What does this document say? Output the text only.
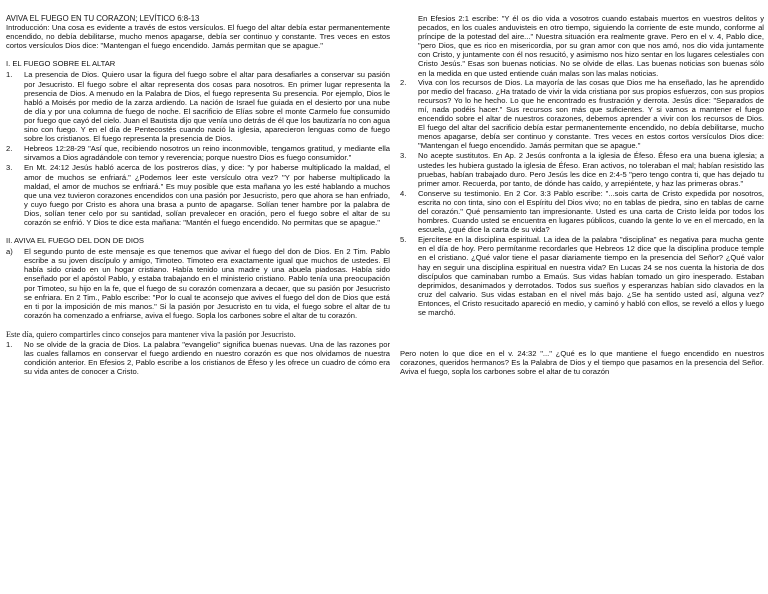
AVIVA EL FUEGO EN TU CORAZON; LEVÍTICO 6:8-13

Introducción: Una cosa es evidente a través de estos versículos. El fuego del altar debía estar permanentemente encendido, no debía debilitarse, mucho menos apagarse, debía ser continuo y constante. Tres veces en estos cortos versículos Dios dice: "Mantengan el fuego encendido. Jamás permitan que se apague."

I. EL FUEGO SOBRE EL ALTAR

1.	La presencia de Dios. Quiero usar la figura del fuego sobre el altar para desafiarles a conservar su pasión por Jesucristo. El fuego sobre el altar representa dos cosas para nosotros. En primer lugar representa la presencia de Dios. A menudo en la Palabra de Dios, el fuego representa Su presencia. Por ejemplo, Dios le habló a Moisés por medio de la zarza ardiendo. La nación de Israel fue guiada en el desierto por una nube de día y por una columna de fuego de noche. El sacrificio de Elías sobre el monte Carmelo fue consumido por fuego que cayó del cielo. Juan el Bautista dijo que venía uno detrás de él que los bautizaría no con agua sino con fuego. Y en el día de Pentecostés cuando nació la iglesia, aparecieron lenguas como de fuego sobre los cristianos. El fuego representa la presencia de Dios.
2.	Hebreos 12:28-29 "Así que, recibiendo nosotros un reino inconmovible, tengamos gratitud, y mediante ella sirvamos a Dios agradándole con temor y reverencia; porque nuestro Dios es fuego consumidor."
3.	En Mt. 24:12 Jesús habló acerca de los postreros días, y dice: "y por haberse multiplicado la maldad, el amor de muchos se enfriará." ¿Podemos leer este versículo otra vez? "Y por haberse multiplicado la maldad, el amor de muchos se enfriará." Es muy posible que esta mañana yo les esté hablando a muchos que una vez tuvieron corazones encendidos con una pasión por Jesucristo, pero que ahora se han enfriado, y cuyo fuego por Cristo es ahora una brasa a punto de apagarse. Solían tener hambre por la palabra de Dios, solían tener celo por su santidad, solían prevalecer en oración, pero el fuego sobre el altar de su corazón se enfrió. Y Dios te dice esta mañana: "Mantén el fuego encendido. No permitas que se apague."

II. AVIVA EL FUEGO DEL DON DE DIOS

a)	El segundo punto de este mensaje es que tenemos que avivar el fuego del don de Dios. En 2 Tim. Pablo escribe a su joven discípulo y amigo, Timoteo. Timoteo era exactamente igual que muchos de ustedes. El había sido criado en un hogar cristiano. Había tenido una madre y una abuela piadosas. Había sido enseñado por el apóstol Pablo, y estaba trabajando en el ministerio cristiano. Pablo tenía una preocupación por Timoteo, su hijo en la fe, que el fuego de su corazón comenzara a decaer, que su pasión por Jesucristo se enfriara. En 2 Tim., Pablo escribe: "Por lo cual te aconsejo que avives el fuego del don de Dios que está en ti por la imposición de mis manos." Si la pasión por Jesucristo en tu vida, el fuego sobre el altar de tu corazón ha comenzado a enfriarse, aviva el fuego. Sopla los carbones sobre el altar de tu corazón.

Este día, quiero compartirles cinco consejos para mantener viva la pasión por Jesucristo.

1.	No se olvide de la gracia de Dios. La palabra "evangelio" significa buenas nuevas. Una de las razones por las cuales fallamos en conservar el fuego ardiendo en nuestro corazón es que nos olvidamos de nuestra condición anterior. En Efesios 2, Pablo escribe a los cristianos de Éfeso y les ofrece un cuadro de cómo era su vida antes de conocer a Cristo.

En Efesios 2:1 escribe: "Y él os dio vida a vosotros cuando estabais muertos en vuestros delitos y pecados, en los cuales anduvisteis en otro tiempo, siguiendo la corriente de este mundo, conforme al príncipe de la potestad del aire..." Nuestra situación era realmente grave. Pero en el v. 4, Pablo dice, "pero Dios, que es rico en misericordia, por su gran amor con que nos amó, nos dio vida juntamente con Cristo, y juntamente con él nos resucitó, y asimismo nos hizo sentar en los lugares celestiales con Cristo Jesús." Esas son buenas noticias. No se olvide de ellas. Las buenas noticias son buenas sólo en la medida en que usted entiende cuán malas son las malas noticias.

2.	Viva con los recursos de Dios. La mayoría de las cosas que Dios me ha enseñado, las he aprendido por medio del fracaso. ¿Ha tratado de vivir la vida cristiana por sus propios esfuerzos, con sus propios recursos? Yo lo he hecho. Lo que he encontrado es frustración y derrota. Jesús dice: "Separados de mí, nada podéis hacer." Sus recursos son más que suficientes. Y si vamos a mantener el fuego encendido sobre el altar de nuestros corazones, debemos aprender a vivir con los recursos de Dios. El fuego del altar del sacrificio debía estar permanentemente encendido, no debía debilitarse, mucho menos apagarse, debía ser continuo y constante. Tres veces en estos cortos versículos Dios dice: "Mantengan el fuego encendido. Jamás permitan que se apague."
3.	No acepte sustitutos. En Ap. 2 Jesús confronta a la iglesia de Éfeso. Éfeso era una buena iglesia; a ustedes les hubiera gustado la iglesia de Éfeso. Eran activos, no toleraban el mal; habían resistido las pruebas, habían trabajado duro. Pero Jesús les dice en 2:4-5 "pero tengo contra ti, que has dejado tu primer amor. Recuerda, por tanto, de dónde has caído, y arrepiéntete, y haz las primeras obras."
4.	Conserve su testimonio. En 2 Cor. 3:3 Pablo escribe: "...sois carta de Cristo expedida por nosotros, escrita no con tinta, sino con el Espíritu del Dios vivo; no en tablas de piedra, sino en tablas de carne del corazón." Qué pensamiento tan impresionante. Usted es una carta de Cristo leída por todos los hombres. Cuando usted se encuentra en lugares públicos, cuando la gente lo ve en el mercado, en la escuela, ¿qué dice la carta de su vida?
5.	Ejercítese en la disciplina espiritual. La idea de la palabra "disciplina" es negativa para mucha gente en el día de hoy. Pero permítanme recordarles que Hebreos 12 dice que la disciplina produce temple en el cristiano. ¿Qué valor tiene el pasar diariamente tiempo en la presencia del Señor? ¿Qué valor hay en seguir una disciplina espiritual en nuestra vida? En Lucas 24 se nos cuenta la historia de dos discípulos que caminaban rumbo a Emaús. Sus vidas habían tomado un giro inesperado. Estaban deprimidos, desanimados y derrotados. Todos sus sueños y esperanzas habían sido clavados en la cruz del calvario. Sus vidas estaban en el nivel más bajo. ¿Se ha sentido usted así, alguna vez? Entonces, el Cristo resucitado apareció en medio, y caminó y habló con ellos, se reveló a ellos y luego se marchó.

Pero noten lo que dice en el v. 24:32 "..." ¿Qué es lo que mantiene el fuego encendido en nuestros corazones, queridos hermanos? Es la Palabra de Dios y el tiempo que pasamos en la presencia del Señor. Aviva el fuego, sopla los carbones sobre el altar de tu corazón
